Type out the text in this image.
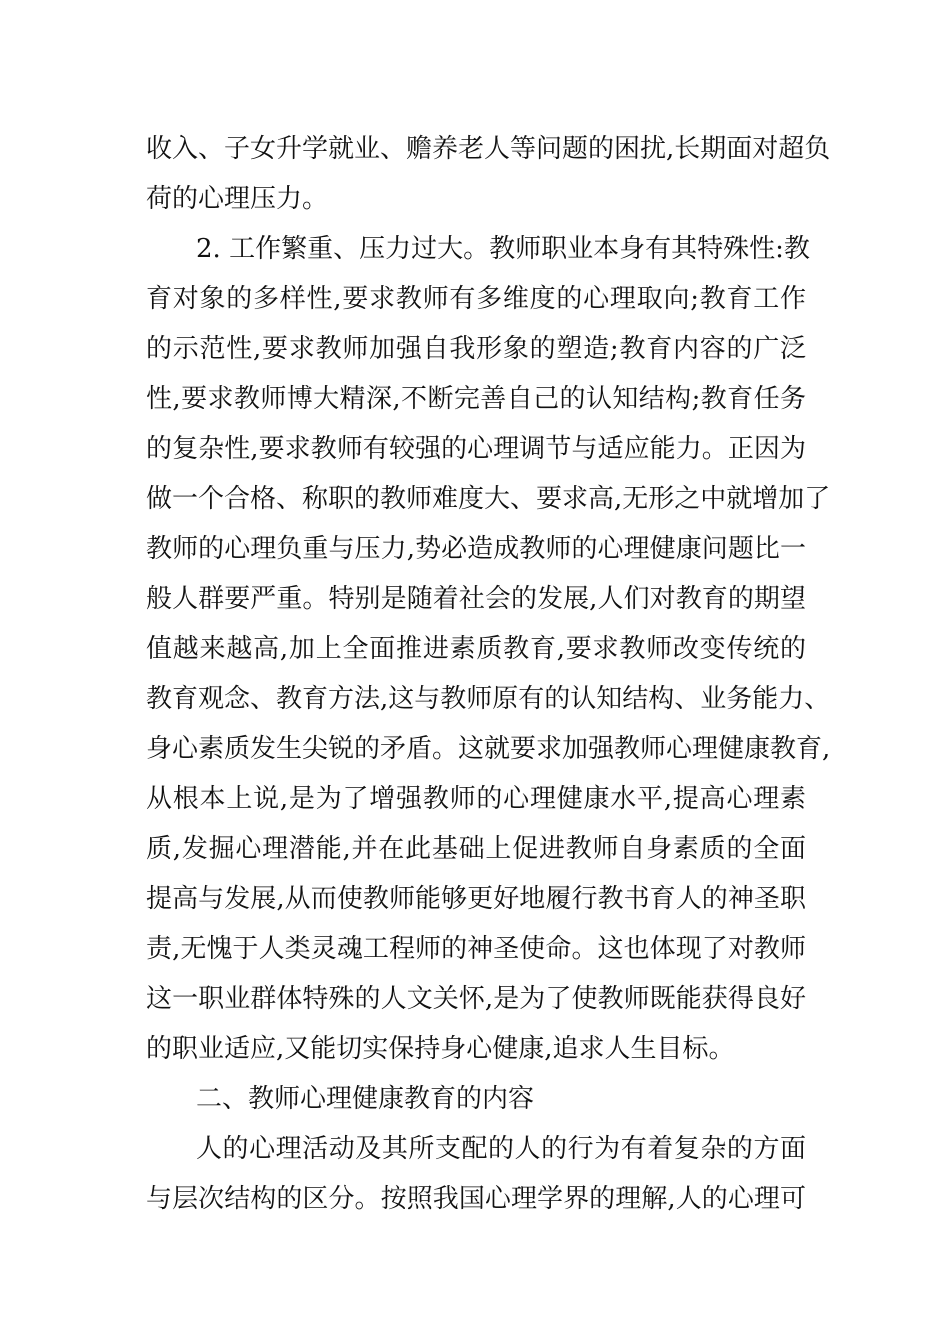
收入、子女升学就业、赡养老人等问题的困扰,长期面对超负
荷的心理压力。
2. 工作繁重、压力过大。教师职业本身有其特殊性:教
育对象的多样性,要求教师有多维度的心理取向;教育工作
的示范性,要求教师加强自我形象的塑造;教育内容的广泛
性,要求教师博大精深,不断完善自己的认知结构;教育任务
的复杂性,要求教师有较强的心理调节与适应能力。正因为
做一个合格、称职的教师难度大、要求高,无形之中就增加了
教师的心理负重与压力,势必造成教师的心理健康问题比一
般人群要严重。特别是随着社会的发展,人们对教育的期望
值越来越高,加上全面推进素质教育,要求教师改变传统的
教育观念、教育方法,这与教师原有的认知结构、业务能力、
身心素质发生尖锐的矛盾。这就要求加强教师心理健康教育,
从根本上说,是为了增强教师的心理健康水平,提高心理素
质,发掘心理潜能,并在此基础上促进教师自身素质的全面
提高与发展,从而使教师能够更好地履行教书育人的神圣职
责,无愧于人类灵魂工程师的神圣使命。这也体现了对教师
这一职业群体特殊的人文关怀,是为了使教师既能获得良好
的职业适应,又能切实保持身心健康,追求人生目标。
二、教师心理健康教育的内容
人的心理活动及其所支配的人的行为有着复杂的方面
与层次结构的区分。按照我国心理学界的理解,人的心理可
